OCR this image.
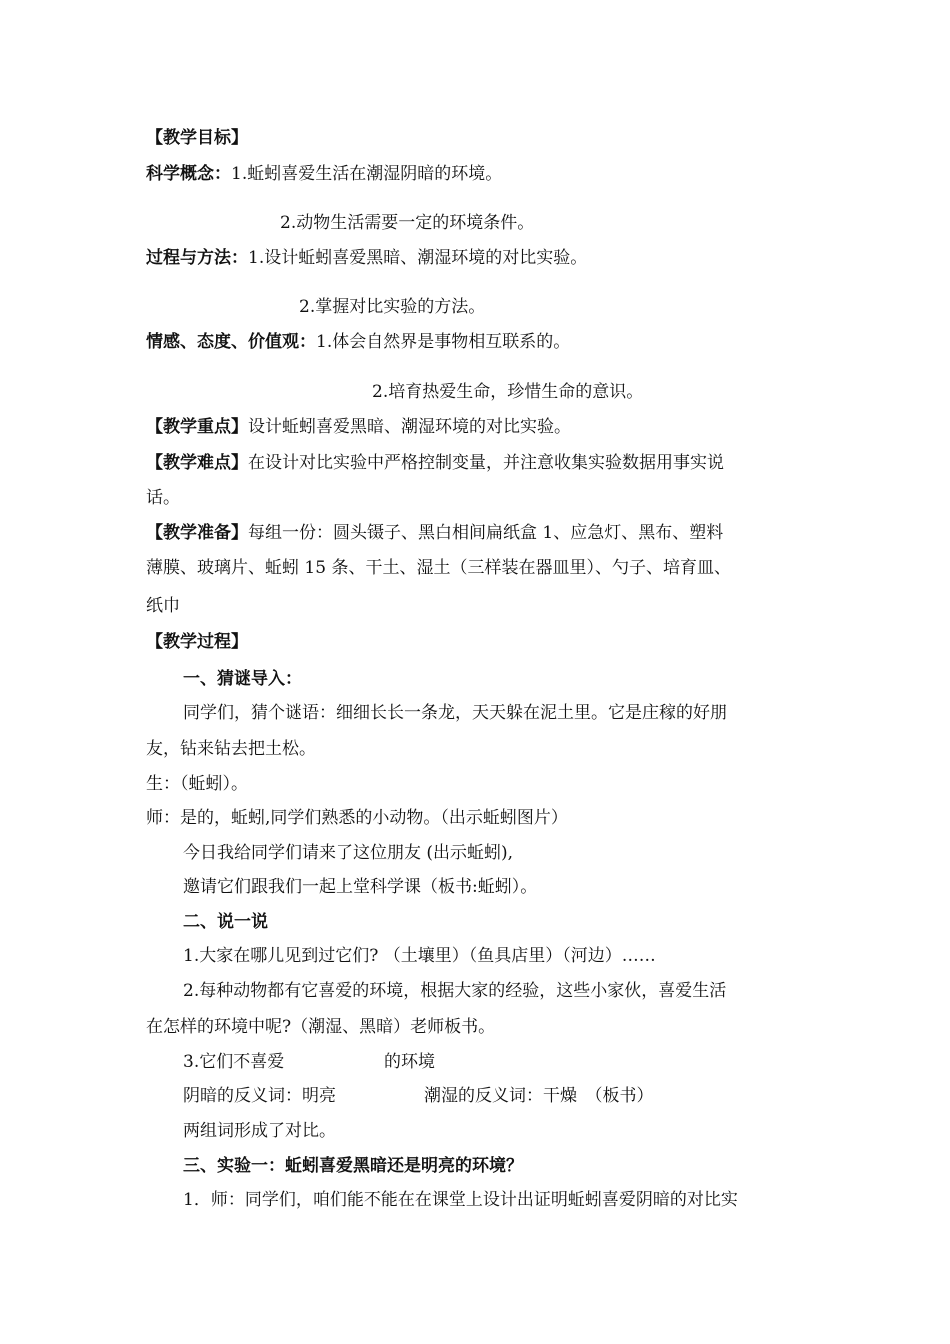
【教学目标】
科学概念：1.蚯蚓喜爱生活在潮湿阴暗的环境。
2.动物生活需要一定的环境条件。
过程与方法：1.设计蚯蚓喜爱黑暗、潮湿环境的对比实验。
2.掌握对比实验的方法。
情感、态度、价值观：1.体会自然界是事物相互联系的。
2.培育热爱生命，珍惜生命的意识。
【教学重点】设计蚯蚓喜爱黑暗、潮湿环境的对比实验。
【教学难点】在设计对比实验中严格控制变量，并注意收集实验数据用事实说
话。
【教学准备】每组一份：圆头镊子、黑白相间扁纸盒 1、应急灯、黑布、塑料
薄膜、玻璃片、蚯蚓 15 条、干土、湿土（三样装在器皿里）、勺子、培育皿、
纸巾
【教学过程】
一、猜谜导入：
同学们，猜个谜语：细细长长一条龙，天天躲在泥土里。它是庄稼的好朋
友，钻来钻去把土松。
生：（蚯蚓）。
师：是的，蚯蚓,同学们熟悉的小动物。（出示蚯蚓图片）
今日我给同学们请来了这位朋友 (出示蚯蚓),
邀请它们跟我们一起上堂科学课（板书:蚯蚓）。
二、说一说
1.大家在哪儿见到过它们? （土壤里）（鱼具店里）（河边）……
2.每种动物都有它喜爱的环境，根据大家的经验，这些小家伙，喜爱生活
在怎样的环境中呢?（潮湿、黑暗）老师板书。
3.它们不喜爱	的环境
阴暗的反义词：明亮	潮湿的反义词：干燥　（板书）
两组词形成了对比。
三、实验一：蚯蚓喜爱黑暗还是明亮的环境？
1．师：同学们，咱们能不能在在课堂上设计出证明蚯蚓喜爱阴暗的对比实
